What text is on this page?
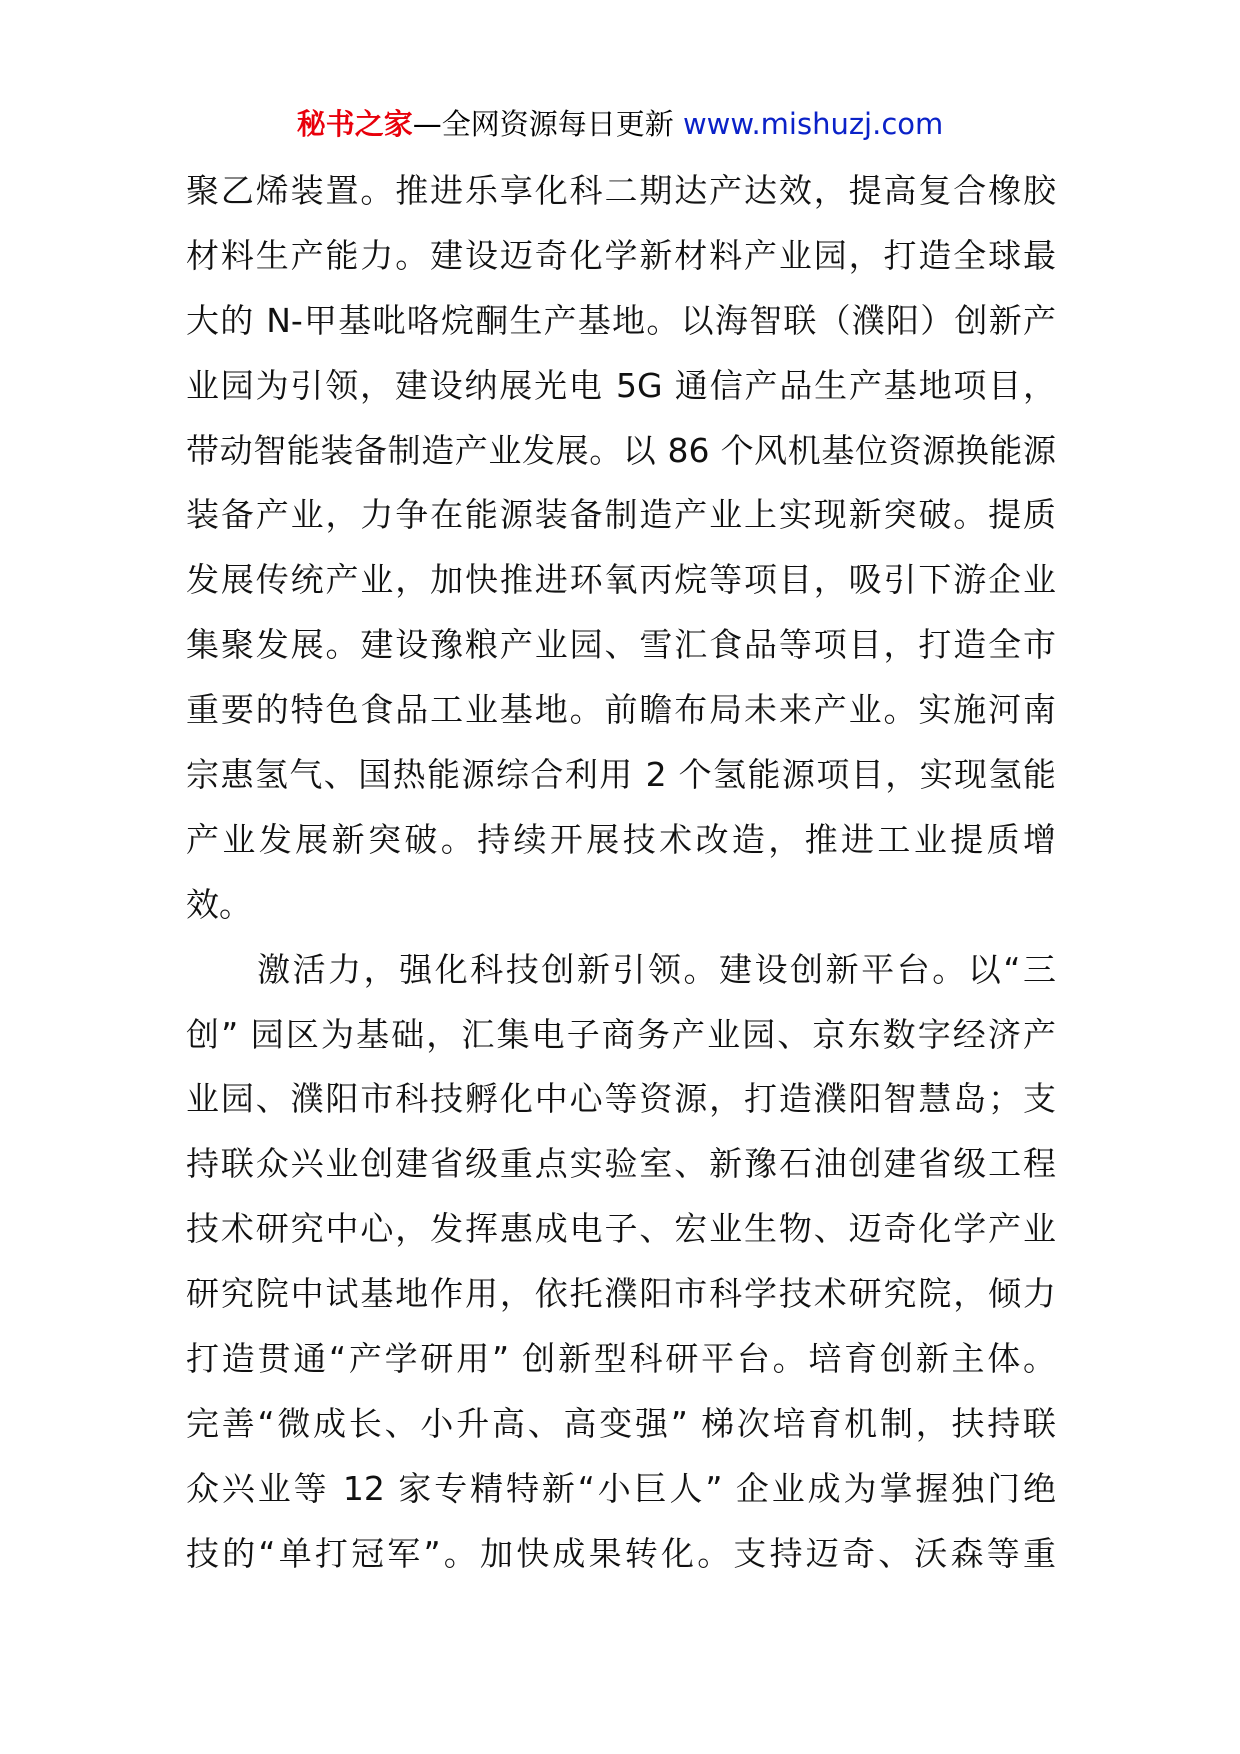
秘书之家—全网资源每日更新 www.mishuzj.com
聚乙烯装置。推进乐享化科二期达产达效，提高复合橡胶
材料生产能力。建设迈奇化学新材料产业园，打造全球最
大的 N-甲基吡咯烷酮生产基地。以海智联（濮阳）创新产
业园为引领，建设纳展光电 5G 通信产品生产基地项目，
带动智能装备制造产业发展。以 86 个风机基位资源换能源
装备产业，力争在能源装备制造产业上实现新突破。提质
发展传统产业，加快推进环氧丙烷等项目，吸引下游企业
集聚发展。建设豫粮产业园、雪汇食品等项目，打造全市
重要的特色食品工业基地。前瞻布局未来产业。实施河南
宗惠氢气、国热能源综合利用 2 个氢能源项目，实现氢能
产业发展新突破。持续开展技术改造，推进工业提质增
效。
　　激活力，强化科技创新引领。建设创新平台。以“三
创” 园区为基础，汇集电子商务产业园、京东数字经济产
业园、濮阳市科技孵化中心等资源，打造濮阳智慧岛；支
持联众兴业创建省级重点实验室、新豫石油创建省级工程
技术研究中心，发挥惠成电子、宏业生物、迈奇化学产业
研究院中试基地作用，依托濮阳市科学技术研究院，倾力
打造贯通“产学研用” 创新型科研平台。培育创新主体。
完善“微成长、小升高、高变强” 梯次培育机制，扶持联
众兴业等 12 家专精特新“小巨人” 企业成为掌握独门绝
技的“单打冠军”。加快成果转化。支持迈奇、沃森等重
